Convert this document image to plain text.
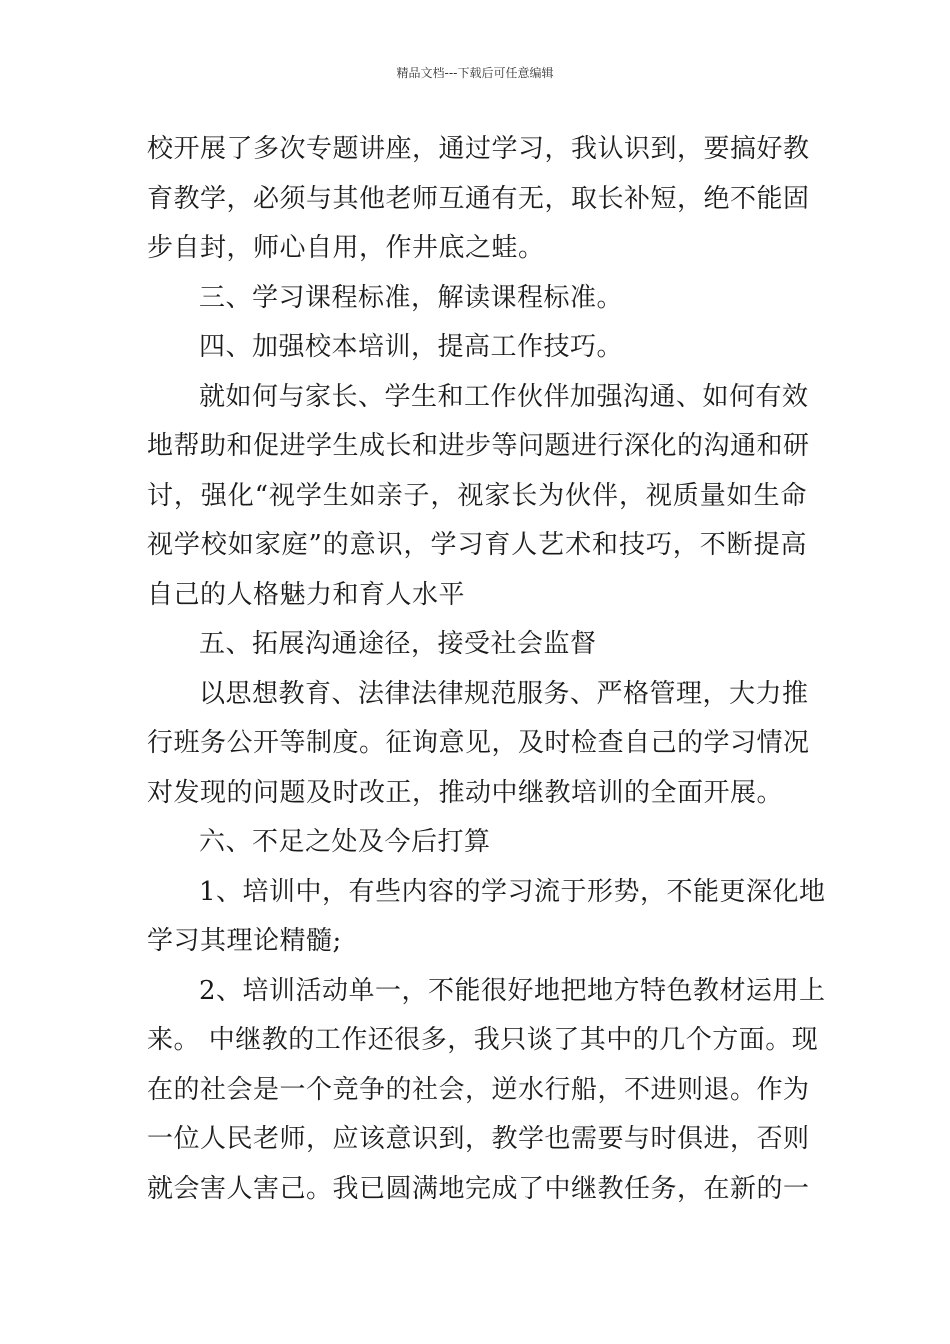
精品文档---下载后可任意编辑
校开展了多次专题讲座，通过学习，我认识到，要搞好教
育教学，必须与其他老师互通有无，取长补短，绝不能固
步自封，师心自用，作井底之蛙。
三、学习课程标准，解读课程标准。
四、加强校本培训，提高工作技巧。
就如何与家长、学生和工作伙伴加强沟通、如何有效
地帮助和促进学生成长和进步等问题进行深化的沟通和研
讨，强化“视学生如亲子，视家长为伙伴，视质量如生命
视学校如家庭”的意识，学习育人艺术和技巧，不断提高
自己的人格魅力和育人水平
五、拓展沟通途径，接受社会监督
以思想教育、法律法律规范服务、严格管理，大力推
行班务公开等制度。征询意见，及时检查自己的学习情况
对发现的问题及时改正，推动中继教培训的全面开展。
六、不足之处及今后打算
1、培训中，有些内容的学习流于形势，不能更深化地
学习其理论精髓;
2、培训活动单一，不能很好地把地方特色教材运用上
来。 中继教的工作还很多，我只谈了其中的几个方面。现
在的社会是一个竞争的社会，逆水行船，不进则退。作为
一位人民老师，应该意识到，教学也需要与时俱进，否则
就会害人害己。我已圆满地完成了中继教任务，在新的一
